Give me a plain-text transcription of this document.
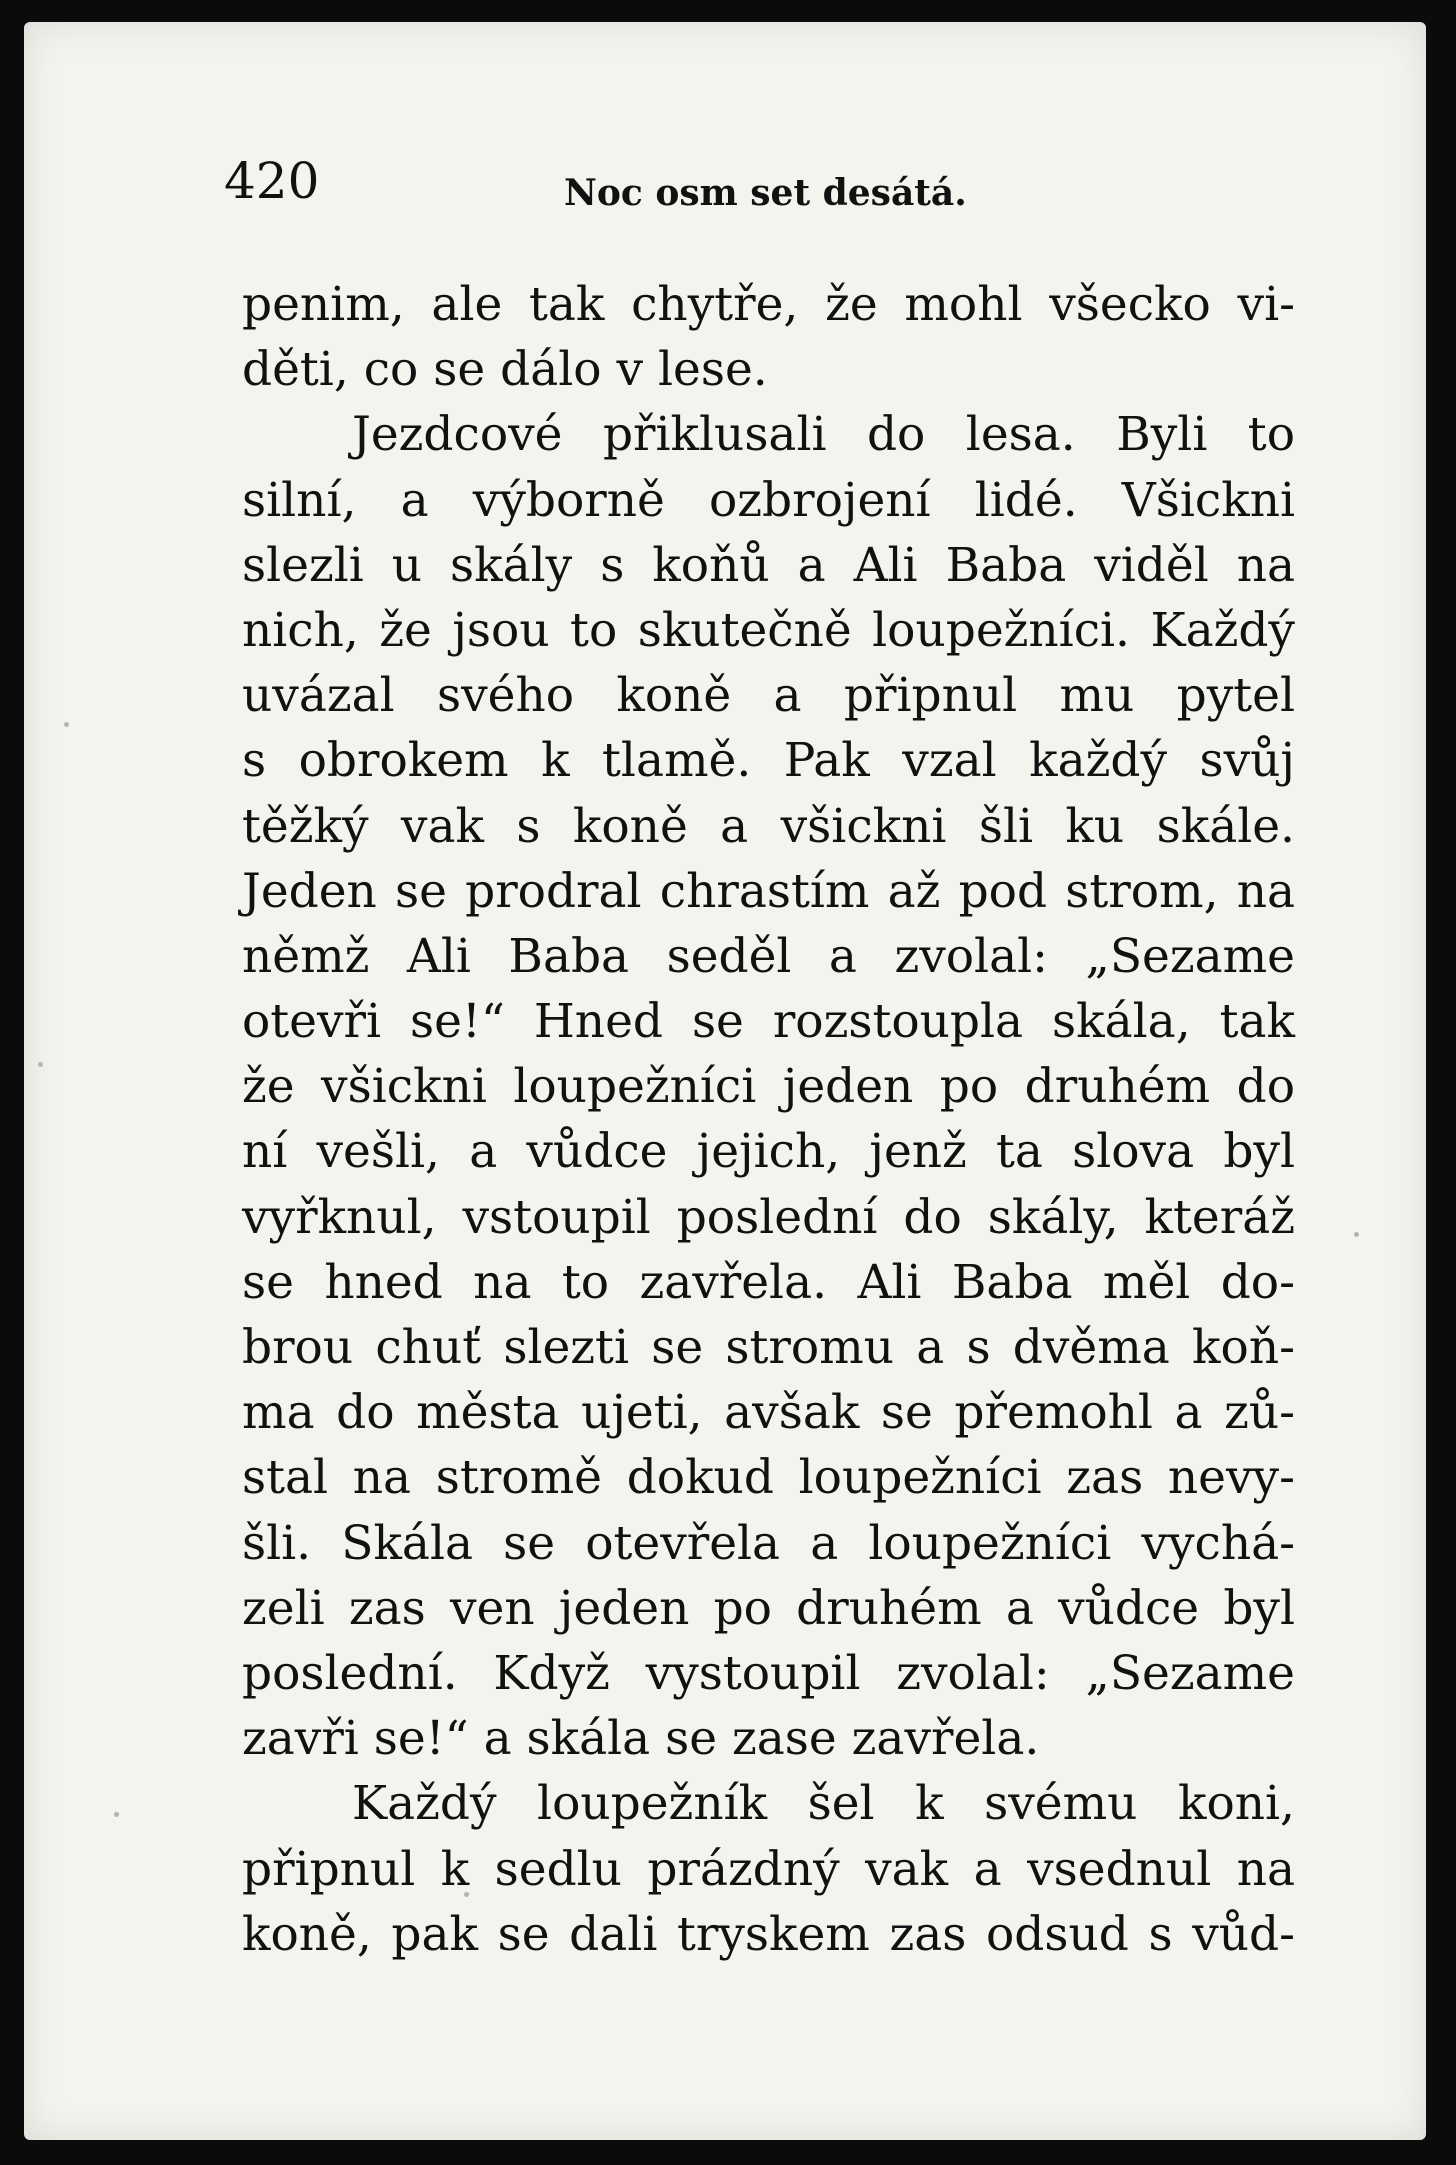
420	Noc osm set desátá.
penim, ale tak chytře, že mohl všecko vi-
děti, co se dálo v lese.
Jezdcové přiklusali do lesa. Byli to
silní, a výborně ozbrojení lidé. Všickni
slezli u skály s koňů a Ali Baba viděl na
nich, že jsou to skutečně loupežníci. Každý
uvázal svého koně a připnul mu pytel
s obrokem k tlamě. Pak vzal každý svůj
těžký vak s koně a všickni šli ku skále.
Jeden se prodral chrastím až pod strom, na
němž Ali Baba seděl a zvolal: „Sezame
otevři se!“ Hned se rozstoupla skála, tak
že všickni loupežníci jeden po druhém do
ní vešli, a vůdce jejich, jenž ta slova byl
vyřknul, vstoupil poslední do skály, kteráž
se hned na to zavřela. Ali Baba měl do-
brou chuť slezti se stromu a s dvěma koň-
ma do města ujeti, avšak se přemohl a zů-
stal na stromě dokud loupežníci zas nevy-
šli. Skála se otevřela a loupežníci vychá-
zeli zas ven jeden po druhém a vůdce byl
poslední. Když vystoupil zvolal: „Sezame
zavři se!“ a skála se zase zavřela.
Každý loupežník šel k svému koni,
připnul k sedlu prázdný vak a vsednul na
koně, pak se dali tryskem zas odsud s vůd-
